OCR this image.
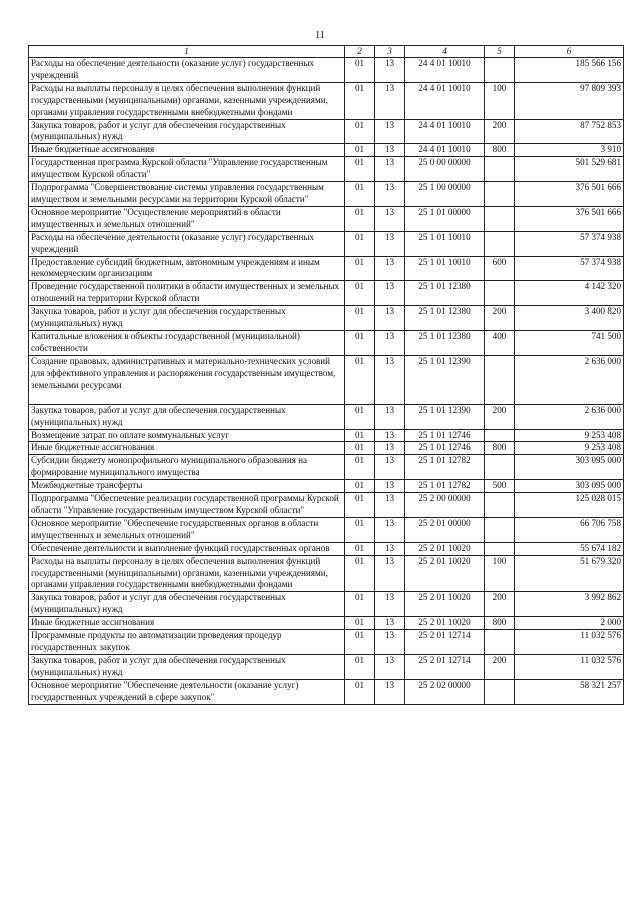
11
1	2	3	4	5	6
Расходы на обеспечение деятельности (оказание услуг) государственных учреждений	01	13	24 4 01 10010		185 566 156
Расходы на выплаты персоналу в целях обеспечения выполнения функций государственными (муниципальными) органами, казенными учреждениями, органами управления государственными внебюджетными фондами	01	13	24 4 01 10010	100	97 809 393
Закупка товаров, работ и услуг для обеспечения государственных (муниципальных) нужд	01	13	24 4 01 10010	200	87 752 853
Иные бюджетные ассигнования	01	13	24 4 01 10010	800	3 910
Государственная программа Курской области "Управление государственным имуществом Курской области"	01	13	25 0 00 00000		501 529 681
Подпрограмма "Совершенствование системы управления государственным имуществом и земельными ресурсами на территории Курской области"	01	13	25 1 00 00000		376 501 666
Основное мероприятие "Осуществление мероприятий в области имущественных и земельных отношений"	01	13	25 1 01 00000		376 501 666
Расходы на обеспечение деятельности (оказание услуг) государственных учреждений	01	13	25 1 01 10010		57 374 938
Предоставление субсидий бюджетным, автономным учреждениям и иным некоммерческим организациям	01	13	25 1 01 10010	600	57 374 938
Проведение государственной политики в области имущественных и земельных отношений на территории Курской области	01	13	25 1 01 12380		4 142 320
Закупка товаров, работ и услуг для обеспечения государственных (муниципальных) нужд	01	13	25 1 01 12380	200	3 400 820
Капитальные вложения в объекты государственной (муниципальной) собственности	01	13	25 1 01 12380	400	741 500
Создание правовых, административных и материально-технических условий для эффективного управления и распоряжения государственным имуществом, земельными ресурсами	01	13	25 1 01 12390		2 636 000
Закупка товаров, работ и услуг для обеспечения государственных (муниципальных) нужд	01	13	25 1 01 12390	200	2 636 000
Возмещение затрат по оплате коммунальных услуг	01	13	25 1 01 12746		9 253 408
Иные бюджетные ассигнования	01	13	25 1 01 12746	800	9 253 408
Субсидии бюджету монопрофильного муниципального образования на формирование муниципального имущества	01	13	25 1 01 12782		303 095 000
Межбюджетные трансферты	01	13	25 1 01 12782	500	303 095 000
Подпрограмма "Обеспечение реализации государственной программы Курской области "Управление государственным имуществом Курской области"	01	13	25 2 00 00000		125 028 015
Основное мероприятие "Обеспечение государственных органов в области имущественных и земельных отношений"	01	13	25 2 01 00000		66 706 758
Обеспечение деятельности и выполнение функций государственных органов	01	13	25 2 01 10020		55 674 182
Расходы на выплаты персоналу в целях обеспечения выполнения функций государственными (муниципальными) органами, казенными учреждениями, органами управления государственными внебюджетными фондами	01	13	25 2 01 10020	100	51 679 320
Закупка товаров, работ и услуг для обеспечения государственных (муниципальных) нужд	01	13	25 2 01 10020	200	3 992 862
Иные бюджетные ассигнования	01	13	25 2 01 10020	800	2 000
Программные продукты по автоматизации проведения процедур государственных закупок	01	13	25 2 01 12714		11 032 576
Закупка товаров, работ и услуг для обеспечения государственных (муниципальных) нужд	01	13	25 2 01 12714	200	11 032 576
Основное мероприятие "Обеспечение деятельности (оказание услуг) государственных учреждений в сфере закупок"	01	13	25 2 02 00000		58 321 257
